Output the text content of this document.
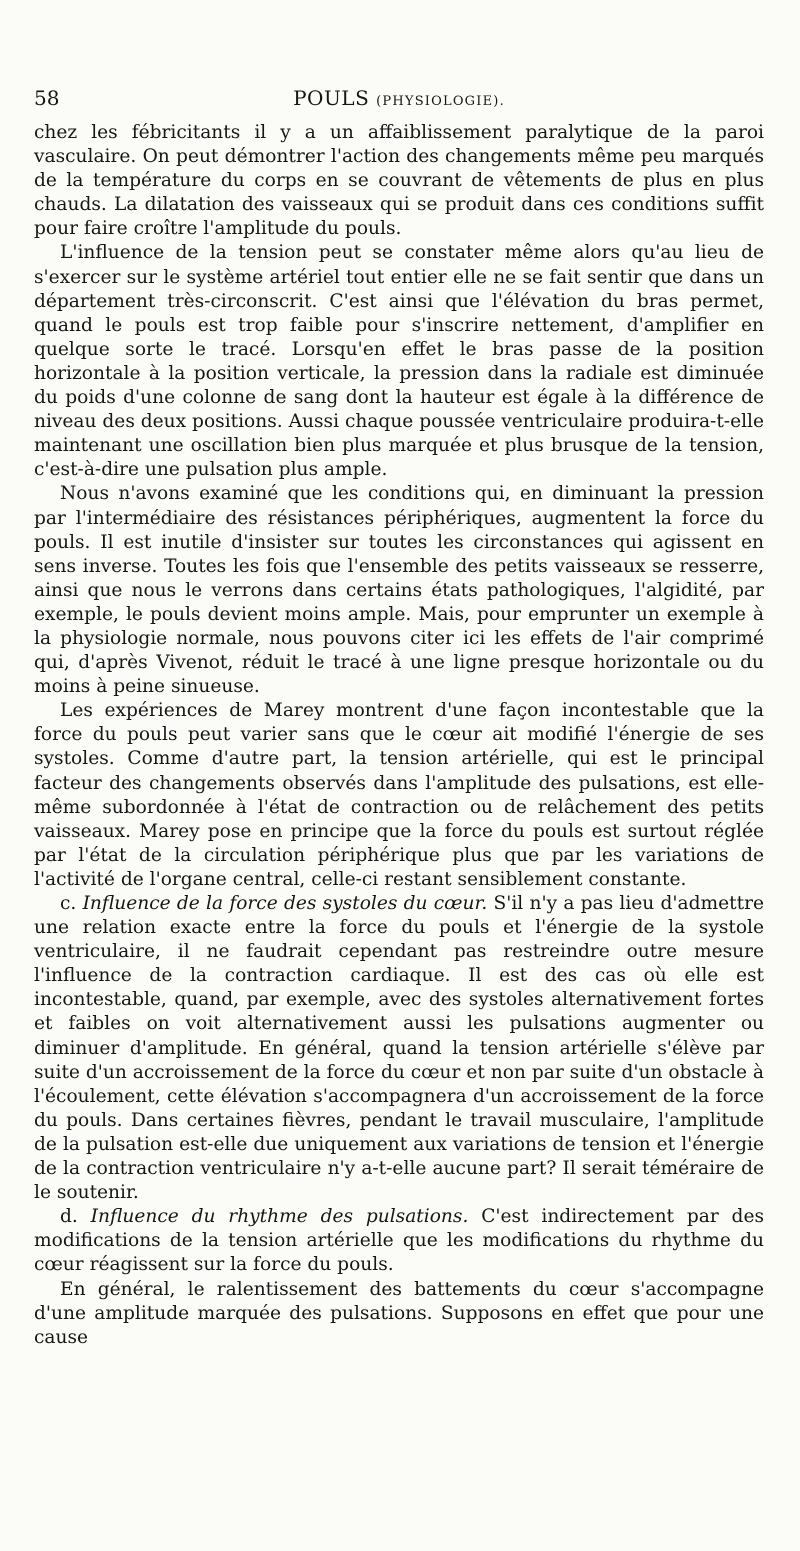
58	POULS (PHYSIOLOGIE).

chez les fébricitants il y a un affaiblissement paralytique de la paroi vasculaire. On peut démontrer l'action des changements même peu marqués de la température du corps en se couvrant de vêtements de plus en plus chauds. La dilatation des vaisseaux qui se produit dans ces conditions suffit pour faire croître l'amplitude du pouls.

L'influence de la tension peut se constater même alors qu'au lieu de s'exercer sur le système artériel tout entier elle ne se fait sentir que dans un département très-circonscrit. C'est ainsi que l'élévation du bras permet, quand le pouls est trop faible pour s'inscrire nettement, d'amplifier en quelque sorte le tracé. Lorsqu'en effet le bras passe de la position horizontale à la position verticale, la pression dans la radiale est diminuée du poids d'une colonne de sang dont la hauteur est égale à la différence de niveau des deux positions. Aussi chaque poussée ventriculaire produira-t-elle maintenant une oscillation bien plus marquée et plus brusque de la tension, c'est-à-dire une pulsation plus ample.

Nous n'avons examiné que les conditions qui, en diminuant la pression par l'intermédiaire des résistances périphériques, augmentent la force du pouls. Il est inutile d'insister sur toutes les circonstances qui agissent en sens inverse. Toutes les fois que l'ensemble des petits vaisseaux se resserre, ainsi que nous le verrons dans certains états pathologiques, l'algidité, par exemple, le pouls devient moins ample. Mais, pour emprunter un exemple à la physiologie normale, nous pouvons citer ici les effets de l'air comprimé qui, d'après Vivenot, réduit le tracé à une ligne presque horizontale ou du moins à peine sinueuse.

Les expériences de Marey montrent d'une façon incontestable que la force du pouls peut varier sans que le cœur ait modifié l'énergie de ses systoles. Comme d'autre part, la tension artérielle, qui est le principal facteur des changements observés dans l'amplitude des pulsations, est elle-même subordonnée à l'état de contraction ou de relâchement des petits vaisseaux. Marey pose en principe que la force du pouls est surtout réglée par l'état de la circulation périphérique plus que par les variations de l'activité de l'organe central, celle-ci restant sensiblement constante.

c. Influence de la force des systoles du cœur. S'il n'y a pas lieu d'admettre une relation exacte entre la force du pouls et l'énergie de la systole ventriculaire, il ne faudrait cependant pas restreindre outre mesure l'influence de la contraction cardiaque. Il est des cas où elle est incontestable, quand, par exemple, avec des systoles alternativement fortes et faibles on voit alternativement aussi les pulsations augmenter ou diminuer d'amplitude. En général, quand la tension artérielle s'élève par suite d'un accroissement de la force du cœur et non par suite d'un obstacle à l'écoulement, cette élévation s'accompagnera d'un accroissement de la force du pouls. Dans certaines fièvres, pendant le travail musculaire, l'amplitude de la pulsation est-elle due uniquement aux variations de tension et l'énergie de la contraction ventriculaire n'y a-t-elle aucune part? Il serait téméraire de le soutenir.

d. Influence du rhythme des pulsations. C'est indirectement par des modifications de la tension artérielle que les modifications du rhythme du cœur réagissent sur la force du pouls.

En général, le ralentissement des battements du cœur s'accompagne d'une amplitude marquée des pulsations. Supposons en effet que pour une cause
